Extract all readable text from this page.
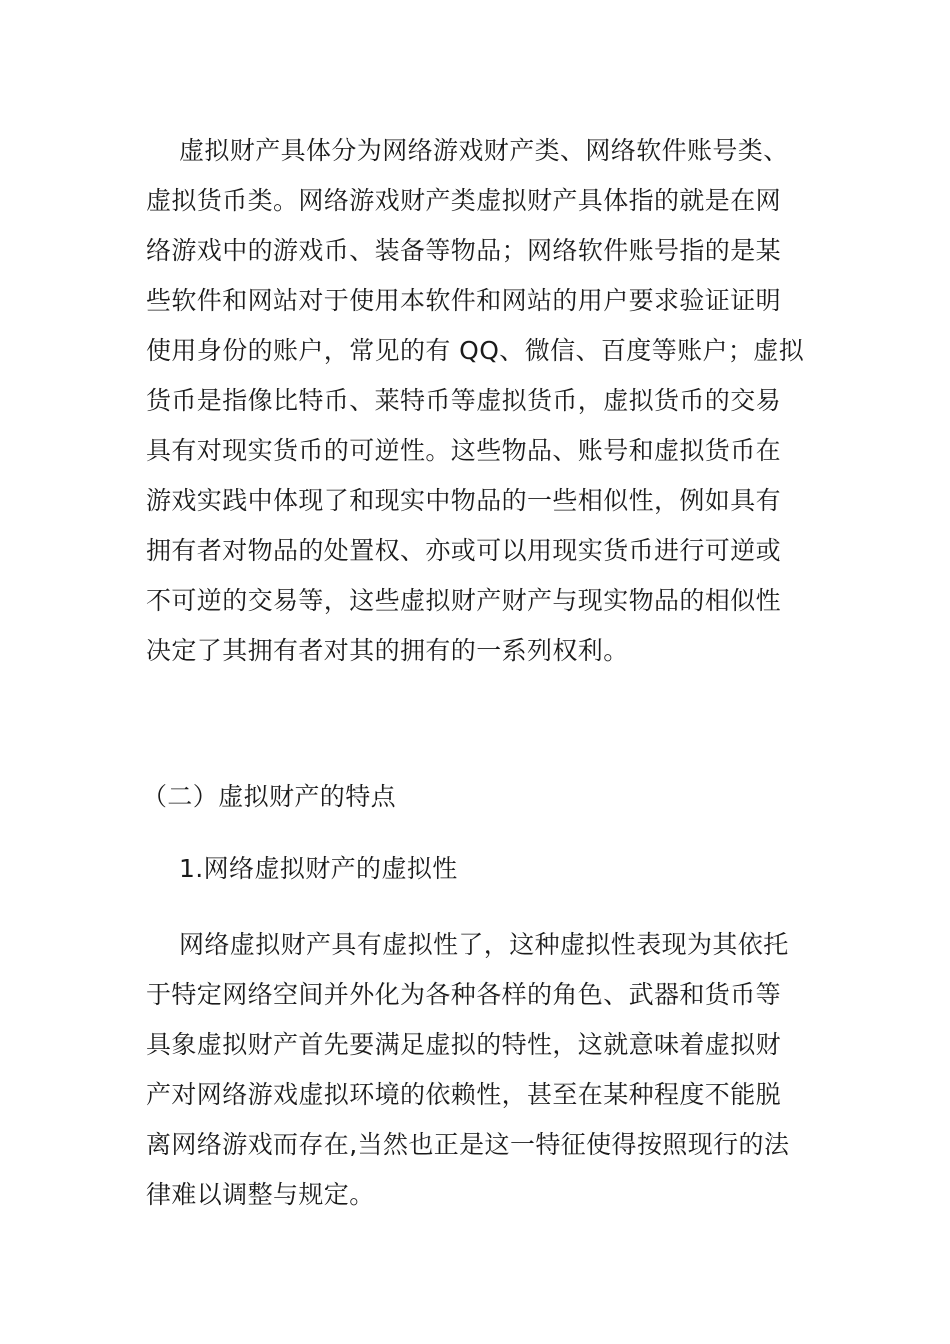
虚拟财产具体分为网络游戏财产类、网络软件账号类、
虚拟货币类。网络游戏财产类虚拟财产具体指的就是在网
络游戏中的游戏币、装备等物品；网络软件账号指的是某
些软件和网站对于使用本软件和网站的用户要求验证证明
使用身份的账户，常见的有 QQ、微信、百度等账户；虚拟
货币是指像比特币、莱特币等虚拟货币，虚拟货币的交易
具有对现实货币的可逆性。这些物品、账号和虚拟货币在
游戏实践中体现了和现实中物品的一些相似性，例如具有
拥有者对物品的处置权、亦或可以用现实货币进行可逆或
不可逆的交易等，这些虚拟财产财产与现实物品的相似性
决定了其拥有者对其的拥有的一系列权利。
（二）虚拟财产的特点
1.网络虚拟财产的虚拟性
网络虚拟财产具有虚拟性了，这种虚拟性表现为其依托
于特定网络空间并外化为各种各样的角色、武器和货币等
具象虚拟财产首先要满足虚拟的特性，这就意味着虚拟财
产对网络游戏虚拟环境的依赖性，甚至在某种程度不能脱
离网络游戏而存在,当然也正是这一特征使得按照现行的法
律难以调整与规定。
